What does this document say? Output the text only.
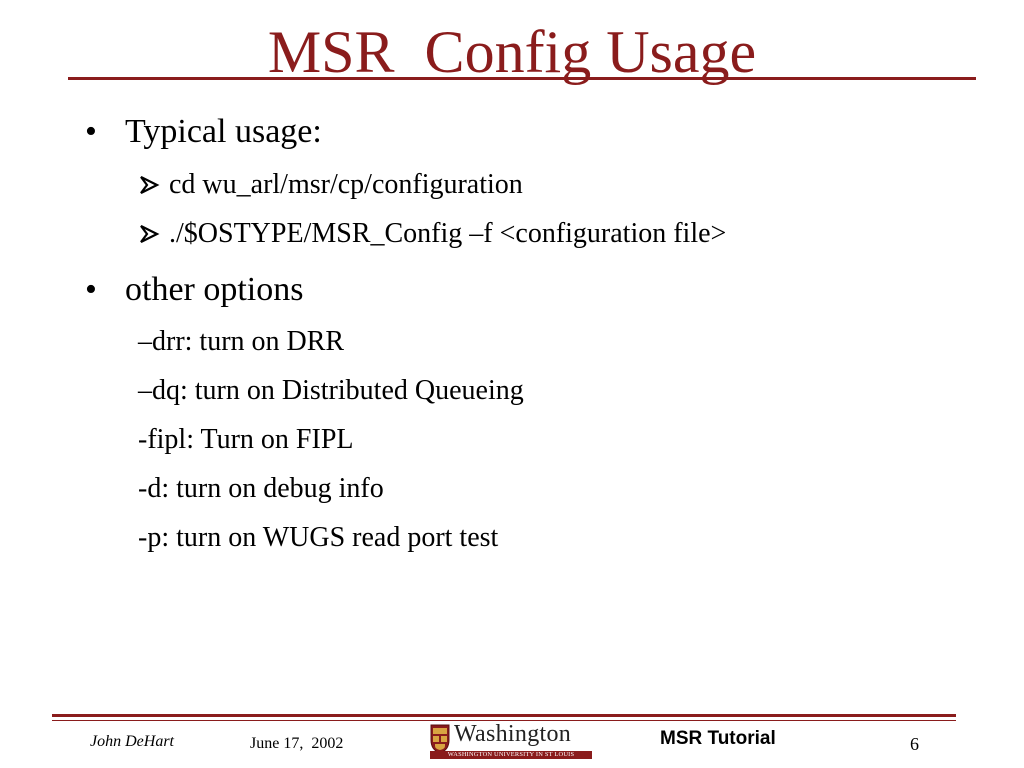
MSR_Config Usage
• Typical usage:
cd wu_arl/msr/cp/configuration
./$OSTYPE/MSR_Config –f <configuration file>
• other options
–drr: turn on DRR
–dq: turn on Distributed Queueing
-fipl: Turn on FIPL
-d: turn on debug info
-p: turn on WUGS read port test
John DeHart	June 17,  2002	Washington
WASHINGTON UNIVERSITY IN ST LOUIS
MSR Tutorial	6
